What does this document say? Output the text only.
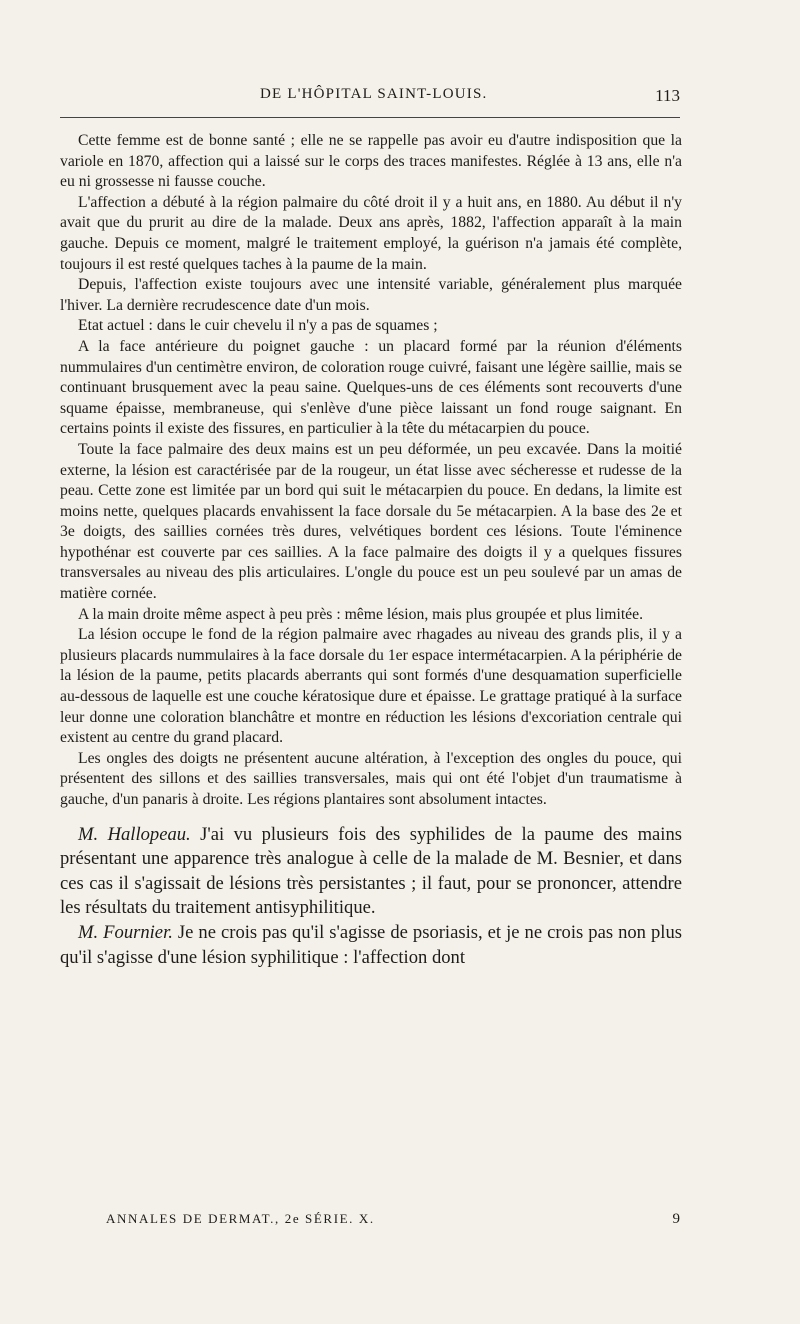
DE L'HÔPITAL SAINT-LOUIS.	113

Cette femme est de bonne santé ; elle ne se rappelle pas avoir eu d'autre indisposition que la variole en 1870, affection qui a laissé sur le corps des traces manifestes. Réglée à 13 ans, elle n'a eu ni grossesse ni fausse couche.

L'affection a débuté à la région palmaire du côté droit il y a huit ans, en 1880. Au début il n'y avait que du prurit au dire de la malade. Deux ans après, 1882, l'affection apparaît à la main gauche. Depuis ce moment, malgré le traitement employé, la guérison n'a jamais été complète, toujours il est resté quelques taches à la paume de la main.

Depuis, l'affection existe toujours avec une intensité variable, généralement plus marquée l'hiver. La dernière recrudescence date d'un mois.

Etat actuel : dans le cuir chevelu il n'y a pas de squames ;

A la face antérieure du poignet gauche : un placard formé par la réunion d'éléments nummulaires d'un centimètre environ, de coloration rouge cuivré, faisant une légère saillie, mais se continuant brusquement avec la peau saine. Quelques-uns de ces éléments sont recouverts d'une squame épaisse, membraneuse, qui s'enlève d'une pièce laissant un fond rouge saignant. En certains points il existe des fissures, en particulier à la tête du métacarpien du pouce.

Toute la face palmaire des deux mains est un peu déformée, un peu excavée. Dans la moitié externe, la lésion est caractérisée par de la rougeur, un état lisse avec sécheresse et rudesse de la peau. Cette zone est limitée par un bord qui suit le métacarpien du pouce. En dedans, la limite est moins nette, quelques placards envahissent la face dorsale du 5e métacarpien. A la base des 2e et 3e doigts, des saillies cornées très dures, velvétiques bordent ces lésions. Toute l'éminence hypothénar est couverte par ces saillies. A la face palmaire des doigts il y a quelques fissures transversales au niveau des plis articulaires. L'ongle du pouce est un peu soulevé par un amas de matière cornée.

A la main droite même aspect à peu près : même lésion, mais plus groupée et plus limitée.

La lésion occupe le fond de la région palmaire avec rhagades au niveau des grands plis, il y a plusieurs placards nummulaires à la face dorsale du 1er espace intermétacarpien. A la périphérie de la lésion de la paume, petits placards aberrants qui sont formés d'une desquamation superficielle au-dessous de laquelle est une couche kératosique dure et épaisse. Le grattage pratiqué à la surface leur donne une coloration blanchâtre et montre en réduction les lésions d'excoriation centrale qui existent au centre du grand placard.

Les ongles des doigts ne présentent aucune altération, à l'exception des ongles du pouce, qui présentent des sillons et des saillies transversales, mais qui ont été l'objet d'un traumatisme à gauche, d'un panaris à droite. Les régions plantaires sont absolument intactes.

M. Hallopeau. J'ai vu plusieurs fois des syphilides de la paume des mains présentant une apparence très analogue à celle de la malade de M. Besnier, et dans ces cas il s'agissait de lésions très persistantes ; il faut, pour se prononcer, attendre les résultats du traitement antisyphilitique.

M. Fournier. Je ne crois pas qu'il s'agisse de psoriasis, et je ne crois pas non plus qu'il s'agisse d'une lésion syphilitique : l'affection dont

ANNALES DE DERMAT., 2e SÉRIE. X.	9
